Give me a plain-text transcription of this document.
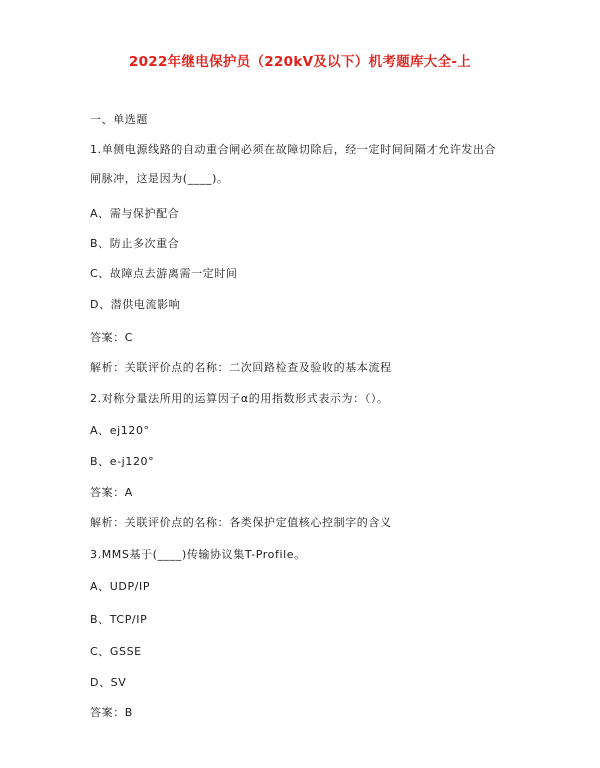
2022年继电保护员（220kV及以下）机考题库大全-上
一、单选题
1.单侧电源线路的自动重合闸必须在故障切除后，经一定时间间隔才允许发出合
闸脉冲，这是因为(____)。
A、需与保护配合
B、防止多次重合
C、故障点去游离需一定时间
D、潜供电流影响
答案：C
解析：关联评价点的名称：二次回路检查及验收的基本流程
2.对称分量法所用的运算因子α的用指数形式表示为：（）。
A、ej120°
B、e-j120°
答案：A
解析：关联评价点的名称：各类保护定值核心控制字的含义
3.MMS基于(____)传输协议集T-Profile。
A、UDP/IP
B、TCP/IP
C、GSSE
D、SV
答案：B
